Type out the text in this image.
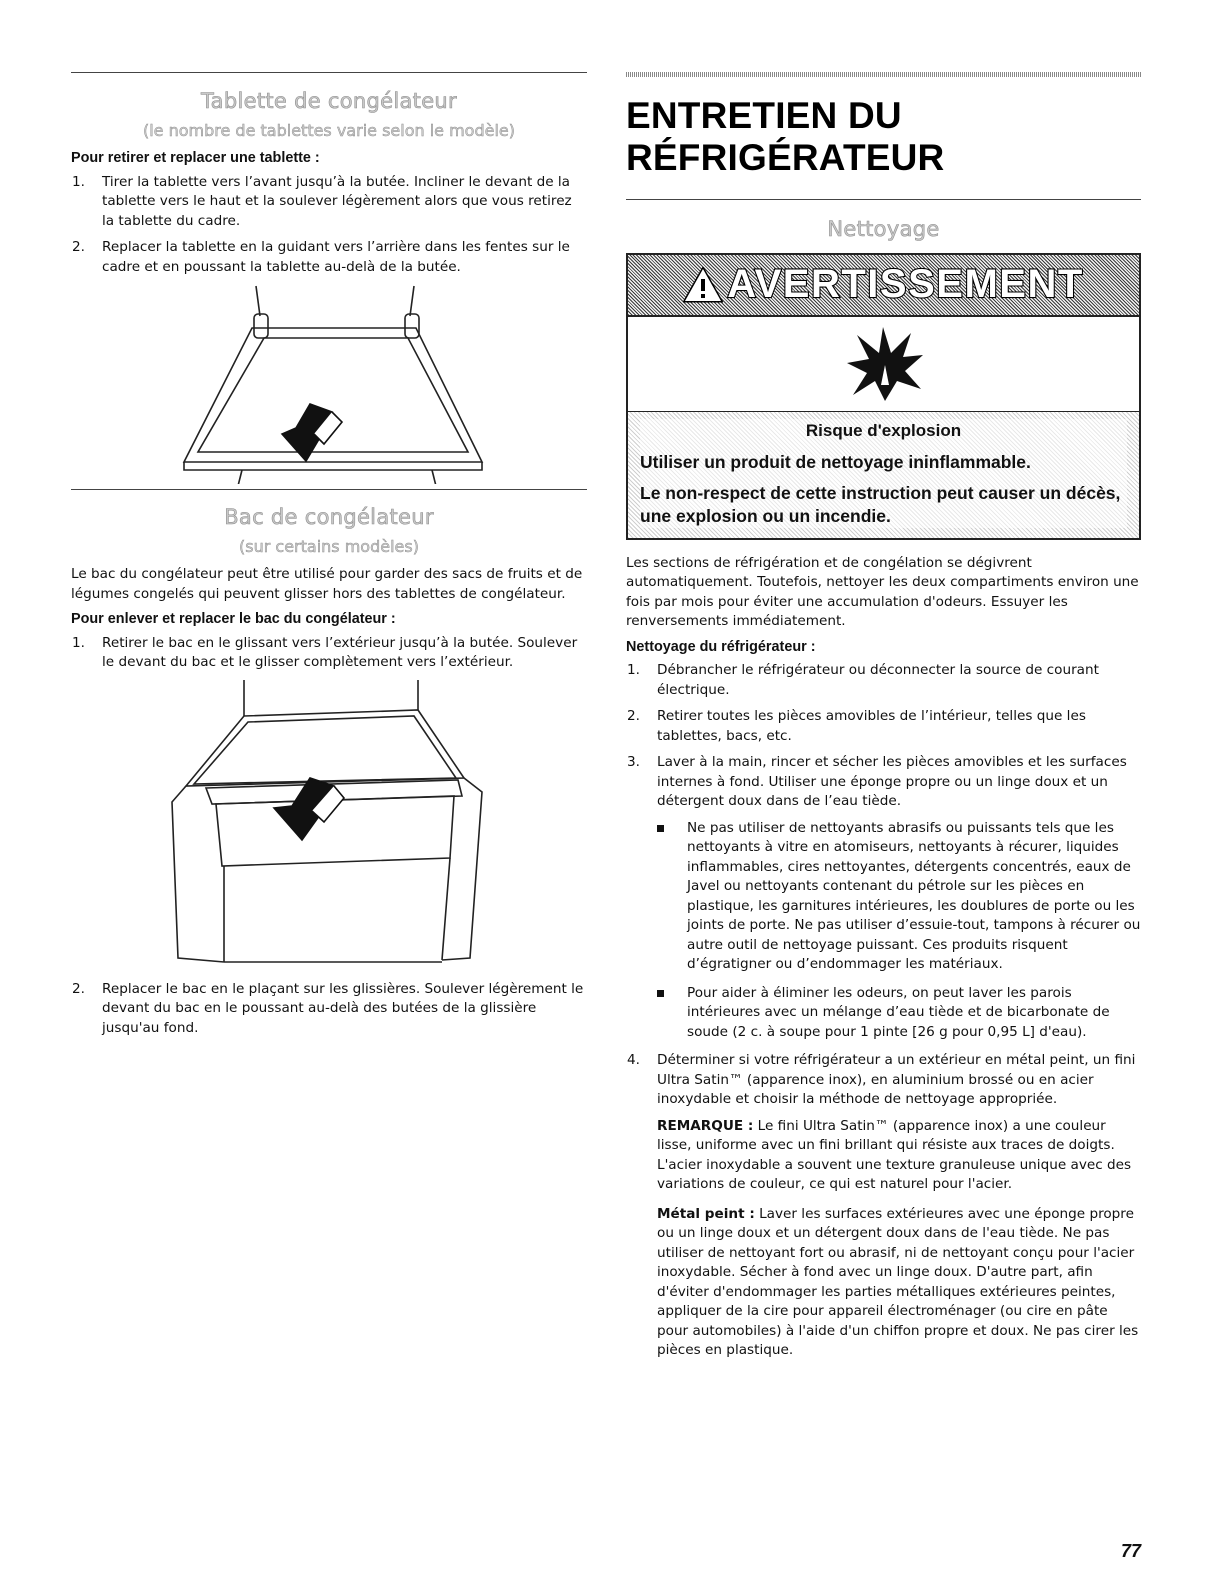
Tablette de congélateur
(le nombre de tablettes varie selon le modèle)
Pour retirer et replacer une tablette :
1. Tirer la tablette vers l’avant jusqu’à la butée. Incliner le devant de la tablette vers le haut et la soulever légèrement alors que vous retirez la tablette du cadre.
2. Replacer la tablette en la guidant vers l’arrière dans les fentes sur le cadre et en poussant la tablette au-delà de la butée.
Bac de congélateur
(sur certains modèles)

Le bac du congélateur peut être utilisé pour garder des sacs de fruits et de légumes congelés qui peuvent glisser hors des tablettes de congélateur.

Pour enlever et replacer le bac du congélateur :
1. Retirer le bac en le glissant vers l’extérieur jusqu’à la butée. Soulever le devant du bac et le glisser complètement vers l’extérieur.
2. Replacer le bac en le plaçant sur les glissières. Soulever légèrement le devant du bac en le poussant au-delà des butées de la glissière jusqu'au fond.
ENTRETIEN DU RÉFRIGÉRATEUR
Nettoyage
AVERTISSEMENT
Risque d'explosion
Utiliser un produit de nettoyage ininflammable.
Le non-respect de cette instruction peut causer un décès, une explosion ou un incendie.

Les sections de réfrigération et de congélation se dégivrent automatiquement. Toutefois, nettoyer les deux compartiments environ une fois par mois pour éviter une accumulation d'odeurs. Essuyer les renversements immédiatement.

Nettoyage du réfrigérateur :
1. Débrancher le réfrigérateur ou déconnecter la source de courant électrique.
2. Retirer toutes les pièces amovibles de l’intérieur, telles que les tablettes, bacs, etc.
3. Laver à la main, rincer et sécher les pièces amovibles et les surfaces internes à fond. Utiliser une éponge propre ou un linge doux et un détergent doux dans de l’eau tiède.
Ne pas utiliser de nettoyants abrasifs ou puissants tels que les nettoyants à vitre en atomiseurs, nettoyants à récurer, liquides inflammables, cires nettoyantes, détergents concentrés, eaux de Javel ou nettoyants contenant du pétrole sur les pièces en plastique, les garnitures intérieures, les doublures de porte ou les joints de porte. Ne pas utiliser d’essuie-tout, tampons à récurer ou autre outil de nettoyage puissant. Ces produits risquent d’égratigner ou d’endommager les matériaux.
Pour aider à éliminer les odeurs, on peut laver les parois intérieures avec un mélange d’eau tiède et de bicarbonate de soude (2 c. à soupe pour 1 pinte [26 g pour 0,95 L] d'eau).
4. Déterminer si votre réfrigérateur a un extérieur en métal peint, un fini Ultra Satin™ (apparence inox), en aluminium brossé ou en acier inoxydable et choisir la méthode de nettoyage appropriée.

REMARQUE : Le fini Ultra Satin™ (apparence inox) a une couleur lisse, uniforme avec un fini brillant qui résiste aux traces de doigts. L'acier inoxydable a souvent une texture granuleuse unique avec des variations de couleur, ce qui est naturel pour l'acier.

Métal peint : Laver les surfaces extérieures avec une éponge propre ou un linge doux et un détergent doux dans de l'eau tiède. Ne pas utiliser de nettoyant fort ou abrasif, ni de nettoyant conçu pour l'acier inoxydable. Sécher à fond avec un linge doux. D'autre part, afin d'éviter d'endommager les parties métalliques extérieures peintes, appliquer de la cire pour appareil électroménager (ou cire en pâte pour automobiles) à l'aide d'un chiffon propre et doux. Ne pas cirer les pièces en plastique.

77
